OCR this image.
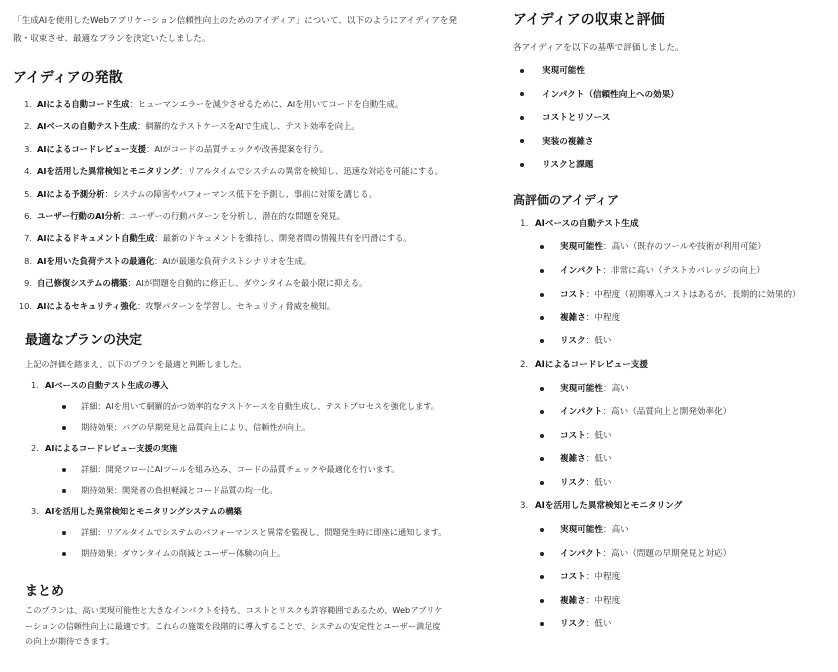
「生成AIを使用したWebアプリケーション信頼性向上のためのアイディア」について、以下のようにアイディアを発散・収束させ、最適なプランを決定いたしました。

アイディアの発散
1. AIによる自動コード生成：ヒューマンエラーを減少させるために、AIを用いてコードを自動生成。
2. AIベースの自動テスト生成：網羅的なテストケースをAIで生成し、テスト効率を向上。
3. AIによるコードレビュー支援：AIがコードの品質チェックや改善提案を行う。
4. AIを活用した異常検知とモニタリング：リアルタイムでシステムの異常を検知し、迅速な対応を可能にする。
5. AIによる予測分析：システムの障害やパフォーマンス低下を予測し、事前に対策を講じる。
6. ユーザー行動のAI分析：ユーザーの行動パターンを分析し、潜在的な問題を発見。
7. AIによるドキュメント自動生成：最新のドキュメントを維持し、開発者間の情報共有を円滑にする。
8. AIを用いた負荷テストの最適化：AIが最適な負荷テストシナリオを生成。
9. 自己修復システムの構築：AIが問題を自動的に修正し、ダウンタイムを最小限に抑える。
10. AIによるセキュリティ強化：攻撃パターンを学習し、セキュリティ脅威を検知。
最適なプランの決定

上記の評価を踏まえ、以下のプランを最適と判断しました。

1. AIベースの自動テスト生成の導入
詳細：AIを用いて網羅的かつ効率的なテストケースを自動生成し、テストプロセスを強化します。
期待効果：バグの早期発見と品質向上により、信頼性が向上。
2. AIによるコードレビュー支援の実施
詳細：開発フローにAIツールを組み込み、コードの品質チェックや最適化を行います。
期待効果：開発者の負担軽減とコード品質の均一化。
3. AIを活用した異常検知とモニタリングシステムの構築
詳細：リアルタイムでシステムのパフォーマンスと異常を監視し、問題発生時に即座に通知します。
期待効果：ダウンタイムの削減とユーザー体験の向上。
まとめ

このプランは、高い実現可能性と大きなインパクトを持ち、コストとリスクも許容範囲であるため、Webアプリケーションの信頼性向上に最適です。これらの施策を段階的に導入することで、システムの安定性とユーザー満足度の向上が期待できます。

アイディアの収束と評価

各アイディアを以下の基準で評価しました。

実現可能性
インパクト（信頼性向上への効果）
コストとリソース
実装の複雑さ
リスクと課題
高評価のアイディア
1. AIベースの自動テスト生成
実現可能性：高い（既存のツールや技術が利用可能）
インパクト：非常に高い（テストカバレッジの向上）
コスト：中程度（初期導入コストはあるが、長期的に効果的）
複雑さ：中程度
リスク：低い
2. AIによるコードレビュー支援
実現可能性：高い
インパクト：高い（品質向上と開発効率化）
コスト：低い
複雑さ：低い
リスク：低い
3. AIを活用した異常検知とモニタリング
実現可能性：高い
インパクト：高い（問題の早期発見と対応）
コスト：中程度
複雑さ：中程度
リスク：低い
